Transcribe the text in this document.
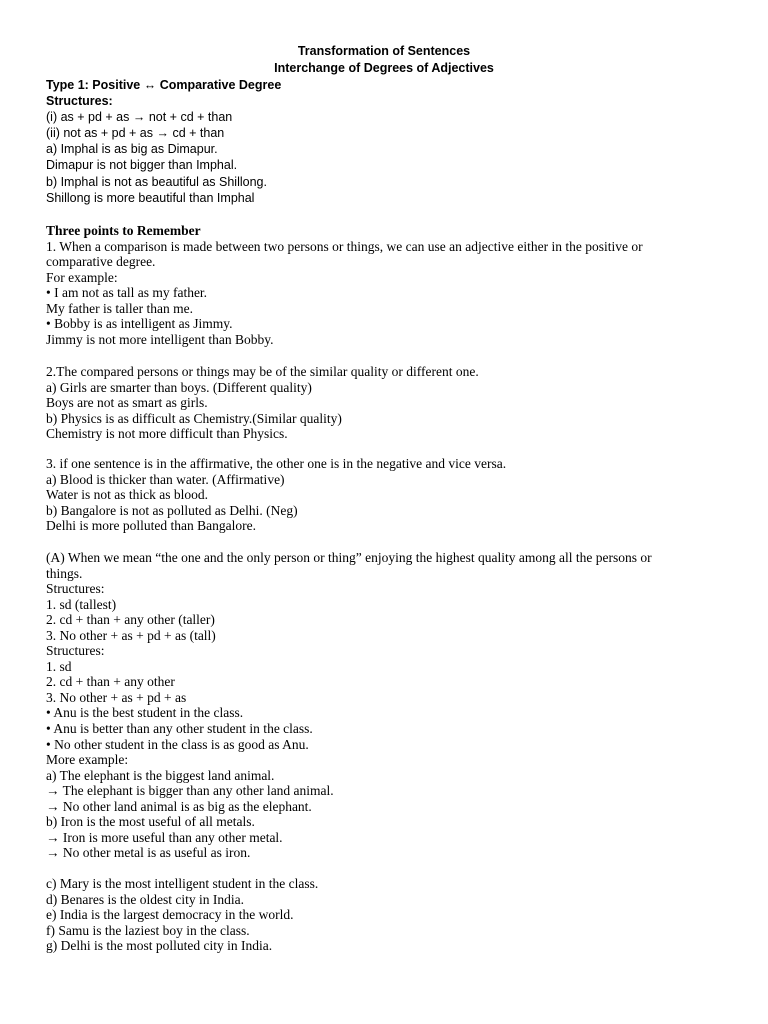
Transformation of Sentences
Interchange of Degrees of Adjectives
Type 1: Positive ↔ Comparative Degree
Structures:
(i) as + pd + as → not + cd + than
(ii) not as + pd + as → cd + than
a) Imphal is as big as Dimapur.
Dimapur is not bigger than Imphal.
b) Imphal is not as beautiful as Shillong.
Shillong is more beautiful than Imphal
Three points to Remember
1. When a comparison is made between two persons or things, we can use an adjective either in the positive or
comparative degree.
For example:
• I am not as tall as my father.
My father is taller than me.
• Bobby is as intelligent as Jimmy.
Jimmy is not more intelligent than Bobby.
2.The compared persons or things may be of the similar quality or different one.
a) Girls are smarter than boys. (Different quality)
Boys are not as smart as girls.
b) Physics is as difficult as Chemistry.(Similar quality)
Chemistry is not more difficult than Physics.
3. if one sentence is in the affirmative, the other one is in the negative and vice versa.
a) Blood is thicker than water. (Affirmative)
Water is not as thick as blood.
b) Bangalore is not as polluted as Delhi. (Neg)
Delhi is more polluted than Bangalore.
(A) When we mean “the one and the only person or thing” enjoying the highest quality among all the persons or
things.
Structures:
1. sd (tallest)
2. cd + than + any other (taller)
3. No other + as + pd + as (tall)
Structures:
1. sd
2. cd + than + any other
3. No other + as + pd + as
• Anu is the best student in the class.
• Anu is better than any other student in the class.
• No other student in the class is as good as Anu.
More example:
a) The elephant is the biggest land animal.
→ The elephant is bigger than any other land animal.
→ No other land animal is as big as the elephant.
b) Iron is the most useful of all metals.
→ Iron is more useful than any other metal.
→ No other metal is as useful as iron.
c) Mary is the most intelligent student in the class.
d) Benares is the oldest city in India.
e) India is the largest democracy in the world.
f) Samu is the laziest boy in the class.
g) Delhi is the most polluted city in India.
